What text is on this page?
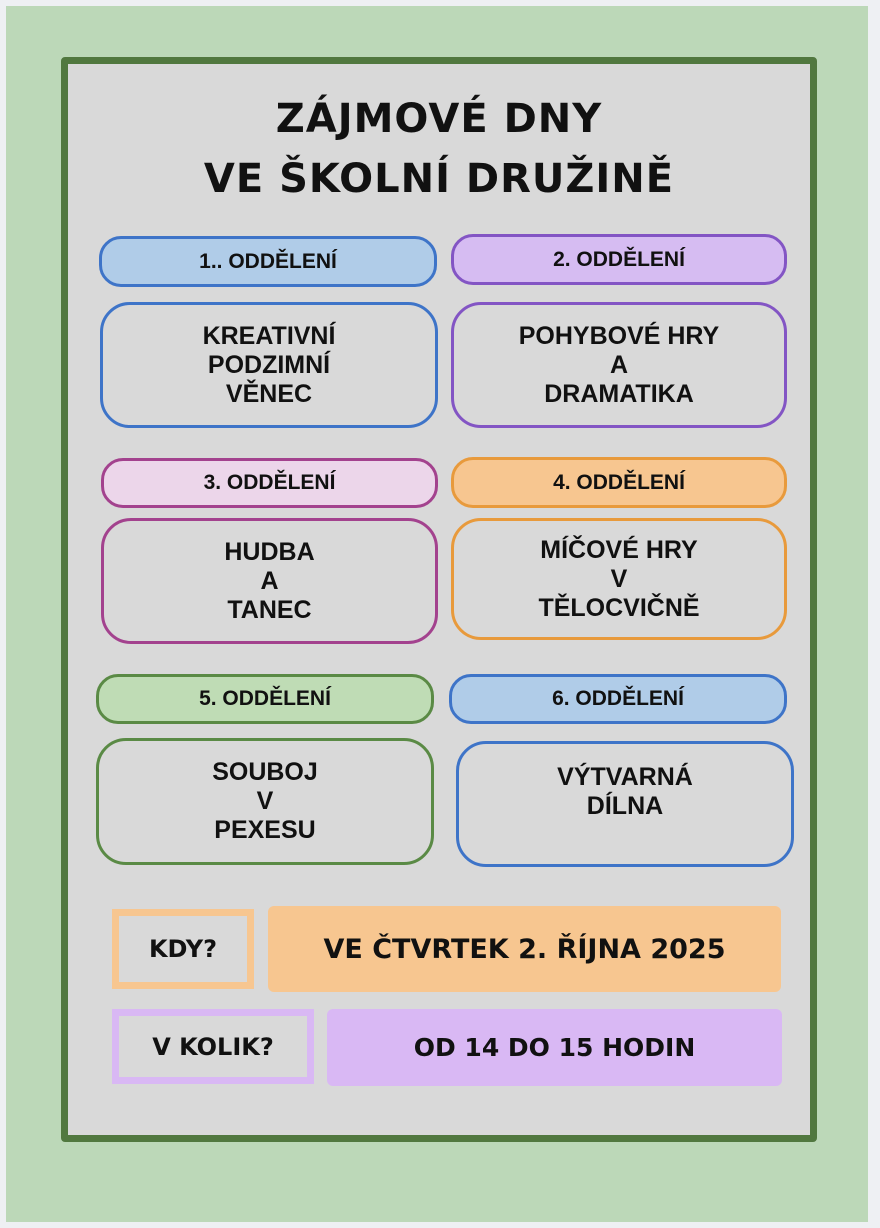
ZÁJMOVÉ DNY
VE ŠKOLNÍ DRUŽINĚ
1.. ODDĚLENÍ	2. ODDĚLENÍ
KREATIVNÍ
PODZIMNÍ
VĚNEC
POHYBOVÉ HRY
A
DRAMATIKA
3. ODDĚLENÍ	4. ODDĚLENÍ
HUDBA
A
TANEC
MÍČOVÉ HRY
V
TĚLOCVIČNĚ
5. ODDĚLENÍ	6. ODDĚLENÍ
SOUBOJ
V
PEXESU
VÝTVARNÁ
DÍLNA
KDY?	VE ČTVRTEK 2. ŘÍJNA 2025
V KOLIK?	OD 14 DO 15 HODIN
